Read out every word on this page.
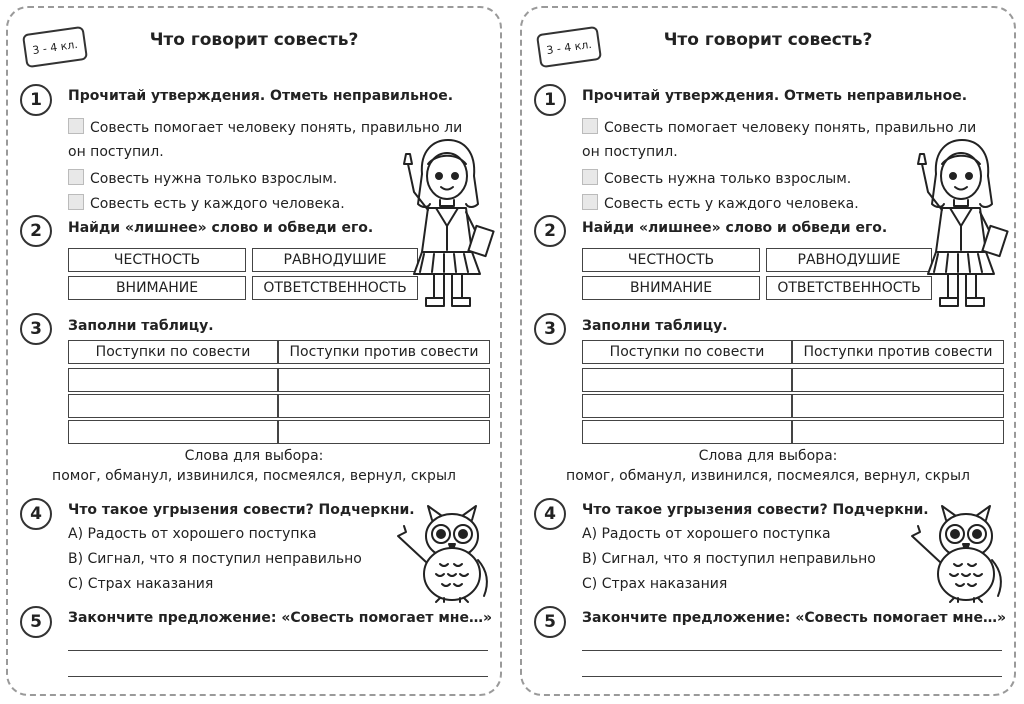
3 - 4 кл.	Что говорит совесть?
1	Прочитай утверждения. Отметь неправильное.
Совесть помогает человеку понять, правильно ли
он поступил.
Совесть нужна только взрослым.
Совесть есть у каждого человека.
2	Найди «лишнее» слово и обведи его.
ЧЕСТНОСТЬ	РАВНОДУШИЕ
ВНИМАНИЕ	ОТВЕТСТВЕННОСТЬ
3	Заполни таблицу.
Поступки по совести	Поступки против совести
Слова для выбора:
помог, обманул, извинился, посмеялся, вернул, скрыл
4	Что такое угрызения совести? Подчеркни.
A) Радость от хорошего поступка
B) Сигнал, что я поступил неправильно
C) Страх наказания
5	Закончите предложение: «Совесть помогает мне…»
3 - 4 кл.	Что говорит совесть?
1	Прочитай утверждения. Отметь неправильное.
Совесть помогает человеку понять, правильно ли
он поступил.
Совесть нужна только взрослым.
Совесть есть у каждого человека.
2	Найди «лишнее» слово и обведи его.
ЧЕСТНОСТЬ	РАВНОДУШИЕ
ВНИМАНИЕ	ОТВЕТСТВЕННОСТЬ
3	Заполни таблицу.
Поступки по совести	Поступки против совести
Слова для выбора:
помог, обманул, извинился, посмеялся, вернул, скрыл
4	Что такое угрызения совести? Подчеркни.
A) Радость от хорошего поступка
B) Сигнал, что я поступил неправильно
C) Страх наказания
5	Закончите предложение: «Совесть помогает мне…»
